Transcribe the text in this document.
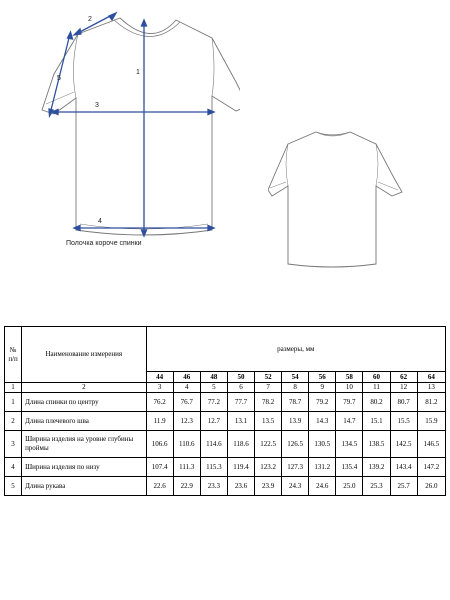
1
2
3
4
5
Полочка короче спинки
№ п/п	Наименование измерения	размеры, мм										
		44	46	48	50	52	54	56	58	60	62	64
1	2	3	4	5	6	7	8	9	10	11	12	13
1	Длина спинки по центру	76.2	76.7	77.2	77.7	78.2	78.7	79.2	79.7	80.2	80.7	81.2
2	Длина плечевого шва	11.9	12.3	12.7	13.1	13.5	13.9	14.3	14.7	15.1	15.5	15.9
3	Ширина изделия на уровне глубины проймы	106.6	110.6	114.6	118.6	122.5	126.5	130.5	134.5	138.5	142.5	146.5
4	Ширина изделия по низу	107.4	111.3	115.3	119.4	123.2	127.3	131.2	135.4	139.2	143.4	147.2
5	Длина рукава	22.6	22.9	23.3	23.6	23.9	24.3	24.6	25.0	25.3	25.7	26.0
